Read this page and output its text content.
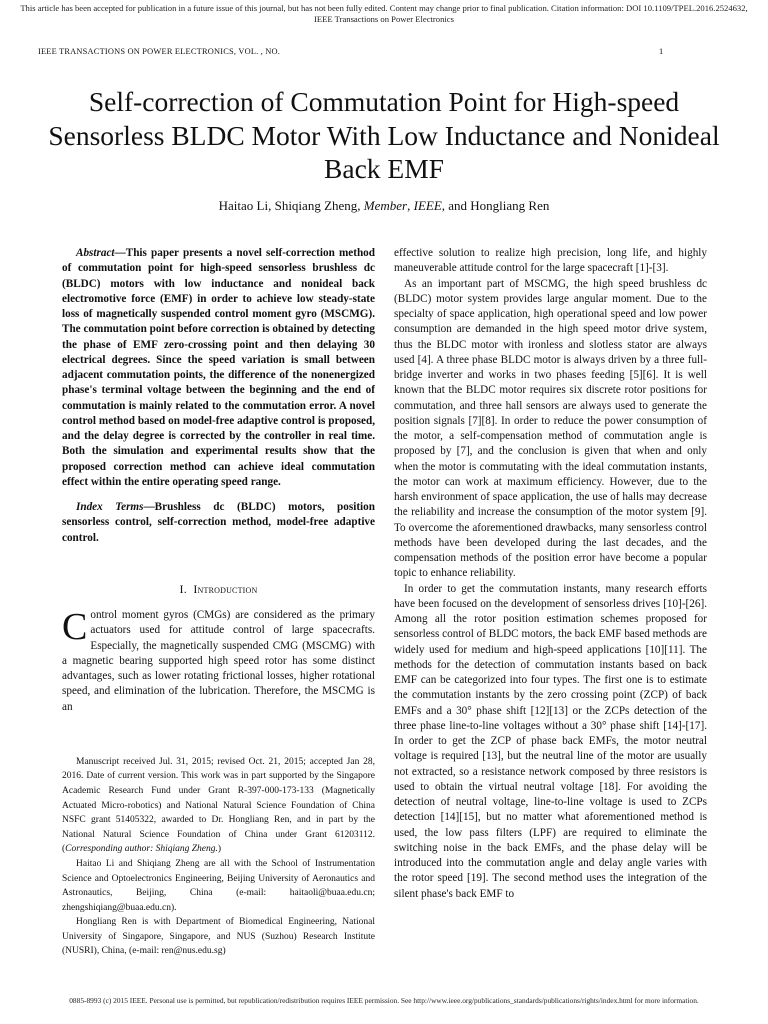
This article has been accepted for publication in a future issue of this journal, but has not been fully edited. Content may change prior to final publication. Citation information: DOI 10.1109/TPEL.2016.2524632, IEEE Transactions on Power Electronics
IEEE TRANSACTIONS ON POWER ELECTRONICS, VOL. , NO.	1
Self-correction of Commutation Point for High-speed Sensorless BLDC Motor With Low Inductance and Nonideal Back EMF
Haitao Li, Shiqiang Zheng, Member, IEEE, and Hongliang Ren

Abstract—This paper presents a novel self-correction method of commutation point for high-speed sensorless brushless dc (BLDC) motors with low inductance and nonideal back electromotive force (EMF) in order to achieve low steady-state loss of magnetically suspended control moment gyro (MSCMG). The commutation point before correction is obtained by detecting the phase of EMF zero-crossing point and then delaying 30 electrical degrees. Since the speed variation is small between adjacent commutation points, the difference of the nonenergized phase's terminal voltage between the beginning and the end of commutation is mainly related to the commutation error. A novel control method based on model-free adaptive control is proposed, and the delay degree is corrected by the controller in real time. Both the simulation and experimental results show that the proposed correction method can achieve ideal commutation effect within the entire operating speed range.

Index Terms—Brushless dc (BLDC) motors, position sensorless control, self-correction method, model-free adaptive control.

I. Introduction

Control moment gyros (CMGs) are considered as the primary actuators used for attitude control of large spacecrafts. Especially, the magnetically suspended CMG (MSCMG) with a magnetic bearing supported high speed rotor has some distinct advantages, such as lower rotating frictional losses, higher rotational speed, and elimination of the lubrication. Therefore, the MSCMG is an

Manuscript received Jul. 31, 2015; revised Oct. 21, 2015; accepted Jan 28, 2016. Date of current version. This work was in part supported by the Singapore Academic Research Fund under Grant R-397-000-173-133 (Magnetically Actuated Micro-robotics) and National Natural Science Foundation of China NSFC grant 51405322, awarded to Dr. Hongliang Ren, and in part by the National Natural Science Foundation of China under Grant 61203112. (Corresponding author: Shiqiang Zheng.)

Haitao Li and Shiqiang Zheng are all with the School of Instrumentation Science and Optoelectronics Engineering, Beijing University of Aeronautics and Astronautics, Beijing, China (e-mail: haitaoli@buaa.edu.cn; zhengshiqiang@buaa.edu.cn).

Hongliang Ren is with Department of Biomedical Engineering, National University of Singapore, Singapore, and NUS (Suzhou) Research Institute (NUSRI), China, (e-mail: ren@nus.edu.sg)

effective solution to realize high precision, long life, and highly maneuverable attitude control for the large spacecraft [1]-[3].

As an important part of MSCMG, the high speed brushless dc (BLDC) motor system provides large angular moment. Due to the specialty of space application, high operational speed and low power consumption are demanded in the high speed motor drive system, thus the BLDC motor with ironless and slotless stator are always used [4]. A three phase BLDC motor is always driven by a three full-bridge inverter and works in two phases feeding [5][6]. It is well known that the BLDC motor requires six discrete rotor positions for commutation, and three hall sensors are always used to generate the position signals [7][8]. In order to reduce the power consumption of the motor, a self-compensation method of commutation angle is proposed by [7], and the conclusion is given that when and only when the motor is commutating with the ideal commutation instants, the motor can work at maximum efficiency. However, due to the harsh environment of space application, the use of halls may decrease the reliability and increase the consumption of the motor system [9]. To overcome the aforementioned drawbacks, many sensorless control methods have been developed during the last decades, and the compensation methods of the position error have become a popular topic to enhance reliability.

In order to get the commutation instants, many research efforts have been focused on the development of sensorless drives [10]-[26]. Among all the rotor position estimation schemes proposed for sensorless control of BLDC motors, the back EMF based methods are widely used for medium and high-speed applications [10][11]. The methods for the detection of commutation instants based on back EMF can be categorized into four types. The first one is to estimate the commutation instants by the zero crossing point (ZCP) of back EMFs and a 30° phase shift [12][13] or the ZCPs detection of the three phase line-to-line voltages without a 30° phase shift [14]-[17]. In order to get the ZCP of phase back EMFs, the motor neutral voltage is required [13], but the neutral line of the motor are usually not extracted, so a resistance network composed by three resistors is used to obtain the virtual neutral voltage [18]. For avoiding the detection of neutral voltage, line-to-line voltage is used to ZCPs detection [14][15], but no matter what aforementioned method is used, the low pass filters (LPF) are required to eliminate the switching noise in the back EMFs, and the phase delay will be introduced into the commutation angle and delay angle varies with the rotor speed [19]. The second method uses the integration of the silent phase's back EMF to

0885-8993 (c) 2015 IEEE. Personal use is permitted, but republication/redistribution requires IEEE permission. See http://www.ieee.org/publications_standards/publications/rights/index.html for more information.
